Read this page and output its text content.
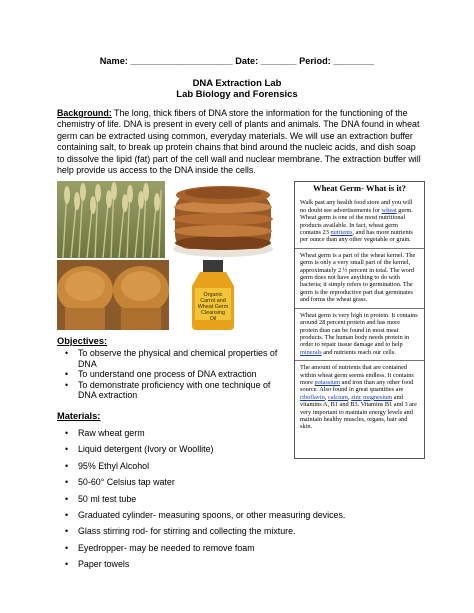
Name: ____________________ Date: _______ Period: ________
DNA Extraction Lab
Lab Biology and Forensics
Background: The long, thick fibers of DNA store the information for the functioning of the chemistry of life. DNA is present in every cell of plants and animals. The DNA found in wheat germ can be extracted using common, everyday materials. We will use an extraction buffer containing salt, to break up protein chains that bind around the nucleic acids, and dish soap to dissolve the lipid (fat) part of the cell wall and nuclear membrane. The extraction buffer will help provide us access to the DNA inside the cells.
Organic
Carrot and
Wheat Germ
Cleansing
Oil
Wheat Germ- What is it?
Walk past any health food store and you will no doubt see advertisements for wheat germ. Wheat germ is one of the most nutritional products available. In fact, wheat germ contains 23 nutrients, and has more nutrients per ounce than any other vegetable or grain.
Wheat germ is a part of the wheat kernel. The germ is only a very small part of the kernel, approximately 2 ½ percent in total. The word germ does not have anything to do with bacteria; it simply refers to germination. The germ is the reproductive part that germinates and forms the wheat grass.
Wheat germ is very high in protein. It contains around 28 percent protein and has more protein than can be found in most meat products. The human body needs protein in order to repair tissue damage and to help minerals and nutrients reach our cells.
The amount of nutrients that are contained within wheat germ seems endless. It contains more potassium and iron than any other food source. Also found in great quantities are riboflavin, calcium, zinc magnesium and vitamins A, B1 and B3. Vitamins B1 and 3 are very important to maintain energy levels and maintain healthy muscles, organs, hair and skin.
Objectives:
• To observe the physical and chemical properties of DNA
• To understand one process of DNA extraction
• To demonstrate proficiency with one technique of DNA extraction
Materials:
• Raw wheat germ
• Liquid detergent (Ivory or Woollite)
• 95% Ethyl Alcohol
• 50-60° Celsius tap water
• 50 ml test tube
• Graduated cylinder- measuring spoons, or other measuring devices.
• Glass stirring rod- for stirring and collecting the mixture.
• Eyedropper- may be needed to remove foam
• Paper towels
